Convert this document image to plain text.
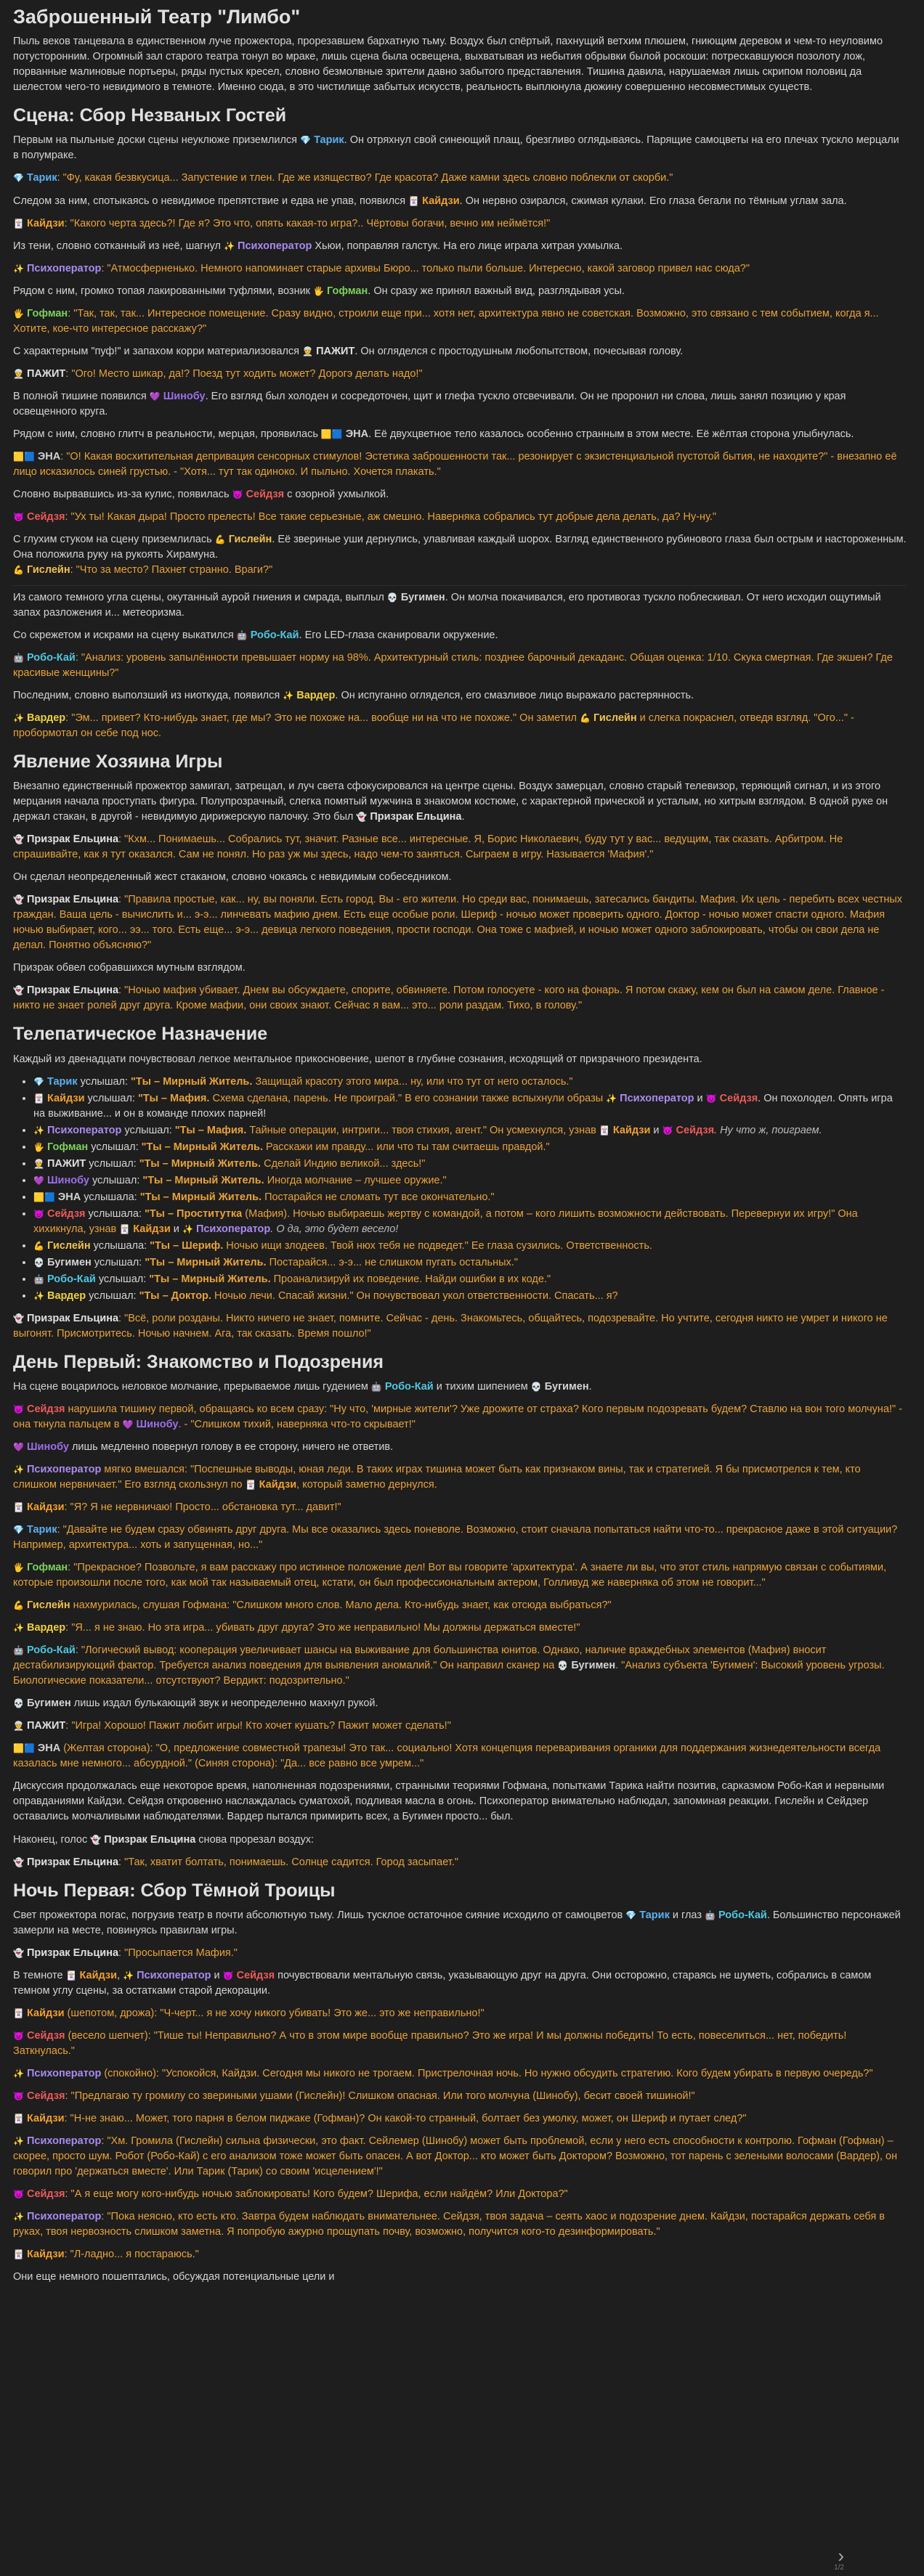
Заброшенный Театр "Лимбо"

Пыль веков танцевала в единственном луче прожектора, прорезавшем бархатную тьму. Воздух был спёртый, пахнущий ветхим плюшем, гниющим деревом и чем-то неуловимо потусторонним. Огромный зал старого театра тонул во мраке, лишь сцена была освещена, выхватывая из небытия обрывки былой роскоши: потрескавшуюся позолоту лож, порванные малиновые портьеры, ряды пустых кресел, словно безмолвные зрители давно забытого представления. Тишина давила, нарушаемая лишь скрипом половиц да шелестом чего-то невидимого в темноте. Именно сюда, в это чистилище забытых искусств, реальность выплюнула дюжину совершенно несовместимых существ.

Сцена: Сбор Незваных Гостей

Первым на пыльные доски сцены неуклюже приземлился 💎 Тарик. Он отряхнул свой синеющий плащ, брезгливо оглядываясь. Парящие самоцветы на его плечах тускло мерцали в полумраке.

💎 Тарик: "Фу, какая безвкусица... Запустение и тлен. Где же изящество? Где красота? Даже камни здесь словно поблекли от скорби."

Следом за ним, спотыкаясь о невидимое препятствие и едва не упав, появился 🃏 Кайдзи. Он нервно озирался, сжимая кулаки. Его глаза бегали по тёмным углам зала.

🃏 Кайдзи: "Какого черта здесь?! Где я? Это что, опять какая-то игра?.. Чёртовы богачи, вечно им неймётся!"

Из тени, словно сотканный из неё, шагнул ✨ Психоператор Хьюи, поправляя галстук. На его лице играла хитрая ухмылка.

✨ Психоператор: "Атмосферненько. Немного напоминает старые архивы Бюро... только пыли больше. Интересно, какой заговор привел нас сюда?"

Рядом с ним, громко топая лакированными туфлями, возник 🖐 Гофман. Он сразу же принял важный вид, разглядывая усы.

🖐 Гофман: "Так, так, так... Интересное помещение. Сразу видно, строили еще при... хотя нет, архитектура явно не советская. Возможно, это связано с тем событием, когда я... Хотите, кое-что интересное расскажу?"

С характерным "пуф!" и запахом корри материализовался 👳 ПАЖИТ. Он огляделся с простодушным любопытством, почесывая голову.

👳 ПАЖИТ: "Ого! Место шикар, да!? Поезд тут ходить может? Дорогэ делать надо!"

В полной тишине появился 💜 Шинобу. Его взгляд был холоден и сосредоточен, щит и глефа тускло отсвечивали. Он не проронил ни слова, лишь занял позицию у края освещенного круга.

Рядом с ним, словно глитч в реальности, мерцая, проявилась 🟨🟦 ЭНА. Её двухцветное тело казалось особенно странным в этом месте. Её жёлтая сторона улыбнулась.

🟨🟦 ЭНА: "О! Какая восхитительная депривация сенсорных стимулов! Эстетика заброшенности так... резонирует с экзистенциальной пустотой бытия, не находите?" - внезапно её лицо исказилось синей грустью. - "Хотя... тут так одиноко. И пыльно. Хочется плакать."

Словно вырвавшись из-за кулис, появилась 😈 Сейдзя с озорной ухмылкой.

😈 Сейдзя: "Ух ты! Какая дыра! Просто прелесть! Все такие серьезные, аж смешно. Наверняка собрались тут добрые дела делать, да? Ну-ну."

С глухим стуком на сцену приземлилась 💪 Гислейн. Её звериные уши дернулись, улавливая каждый шорох. Взгляд единственного рубинового глаза был острым и настороженным. Она положила руку на рукоять Хирамуна.
💪 Гислейн: "Что за место? Пахнет странно. Враги?"

Из самого темного угла сцены, окутанный аурой гниения и смрада, выплыл 💀 Бугимен. Он молча покачивался, его противогаз тускло поблескивал. От него исходил ощутимый запах разложения и... метеоризма.

Со скрежетом и искрами на сцену выкатился 🤖 Робо-Кай. Его LED-глаза сканировали окружение.

🤖 Робо-Кай: "Анализ: уровень запылённости превышает норму на 98%. Архитектурный стиль: позднее барочный декаданс. Общая оценка: 1/10. Скука смертная. Где экшен? Где красивые женщины?"

Последним, словно выползший из ниоткуда, появился ✨ Вардер. Он испуганно огляделся, его смазливое лицо выражало растерянность.

✨ Вардер: "Эм... привет? Кто-нибудь знает, где мы? Это не похоже на... вообще ни на что не похоже." Он заметил 💪 Гислейн и слегка покраснел, отведя взгляд. "Ого..." - пробормотал он себе под нос.

Явление Хозяина Игры

Внезапно единственный прожектор замигал, затрещал, и луч света сфокусировался на центре сцены. Воздух замерцал, словно старый телевизор, теряющий сигнал, и из этого мерцания начала проступать фигура. Полупрозрачный, слегка помятый мужчина в знакомом костюме, с характерной прической и усталым, но хитрым взглядом. В одной руке он держал стакан, в другой - невидимую дирижерскую палочку. Это был 👻 Призрак Ельцина.

👻 Призрак Ельцина: "Кхм... Понимаешь... Собрались тут, значит. Разные все... интересные. Я, Борис Николаевич, буду тут у вас... ведущим, так сказать. Арбитром. Не спрашивайте, как я тут оказался. Сам не понял. Но раз уж мы здесь, надо чем-то заняться. Сыграем в игру. Называется 'Мафия'."

Он сделал неопределенный жест стаканом, словно чокаясь с невидимым собеседником.

👻 Призрак Ельцина: "Правила простые, как... ну, вы поняли. Есть город. Вы - его жители. Но среди вас, понимаешь, затесались бандиты. Мафия. Их цель - перебить всех честных граждан. Ваша цель - вычислить и... э-э... линчевать мафию днем. Есть еще особые роли. Шериф - ночью может проверить одного. Доктор - ночью может спасти одного. Мафия ночью выбирает, кого... ээ... того. Есть еще... э-э... девица легкого поведения, прости господи. Она тоже с мафией, и ночью может одного заблокировать, чтобы он свои дела не делал. Понятно объясняю?"

Призрак обвел собравшихся мутным взглядом.

👻 Призрак Ельцина: "Ночью мафия убивает. Днем вы обсуждаете, спорите, обвиняете. Потом голосуете - кого на фонарь. Я потом скажу, кем он был на самом деле. Главное - никто не знает ролей друг друга. Кроме мафии, они своих знают. Сейчас я вам... это... роли раздам. Тихо, в голову."

Телепатическое Назначение

Каждый из двенадцати почувствовал легкое ментальное прикосновение, шепот в глубине сознания, исходящий от призрачного президента.

• 💎 Тарик услышал: "Ты – Мирный Житель. Защищай красоту этого мира... ну, или что тут от него осталось."
• 🃏 Кайдзи услышал: "Ты – Мафия. Схема сделана, парень. Не проиграй." В его сознании также вспыхнули образы ✨ Психоператор и 😈 Сейдзя. Он похолодел. Опять игра на выживание... и он в команде плохих парней!
• ✨ Психоператор услышал: "Ты – Мафия. Тайные операции, интриги... твоя стихия, агент." Он усмехнулся, узнав 🃏 Кайдзи и 😈 Сейдзя. Ну что ж, поиграем.
• 🖐 Гофман услышал: "Ты – Мирный Житель. Расскажи им правду... или что ты там считаешь правдой."
• 👳 ПАЖИТ услышал: "Ты – Мирный Житель. Сделай Индию великой... здесь!"
• 💜 Шинобу услышал: "Ты – Мирный Житель. Иногда молчание – лучшее оружие."
• 🟨🟦 ЭНА услышала: "Ты – Мирный Житель. Постарайся не сломать тут все окончательно."
• 😈 Сейдзя услышала: "Ты – Проститутка (Мафия). Ночью выбираешь жертву с командой, а потом – кого лишить возможности действовать. Перевернуи их игру!" Она хихикнула, узнав 🃏 Кайдзи и ✨ Психоператор. О да, это будет весело!
• 💪 Гислейн услышала: "Ты – Шериф. Ночью ищи злодеев. Твой нюх тебя не подведет." Ее глаза сузились. Ответственность.
• 💀 Бугимен услышал: "Ты – Мирный Житель. Постарайся... э-э... не слишком пугать остальных."
• 🤖 Робо-Кай услышал: "Ты – Мирный Житель. Проанализируй их поведение. Найди ошибки в их коде."
• ✨ Вардер услышал: "Ты – Доктор. Ночью лечи. Спасай жизни." Он почувствовал укол ответственности. Спасать... я?

👻 Призрак Ельцина: "Всё, роли розданы. Никто ничего не знает, помните. Сейчас - день. Знакомьтесь, общайтесь, подозревайте. Но учтите, сегодня никто не умрет и никого не выгонят. Присмотритесь. Ночью начнем. Ага, так сказать. Время пошло!"

День Первый: Знакомство и Подозрения

На сцене воцарилось неловкое молчание, прерываемое лишь гудением 🤖 Робо-Кай и тихим шипением 💀 Бугимен.

😈 Сейдзя нарушила тишину первой, обращаясь ко всем сразу: "Ну что, 'мирные жители'? Уже дрожите от страха? Кого первым подозревать будем? Ставлю на вон того молчуна!" - она ткнула пальцем в 💜 Шинобу. - "Слишком тихий, наверняка что-то скрывает!"

💜 Шинобу лишь медленно повернул голову в ее сторону, ничего не ответив.

✨ Психоператор мягко вмешался: "Поспешные выводы, юная леди. В таких играх тишина может быть как признаком вины, так и стратегией. Я бы присмотрелся к тем, кто слишком нервничает." Его взгляд скользнул по 🃏 Кайдзи, который заметно дернулся.

🃏 Кайдзи: "Я? Я не нервничаю! Просто... обстановка тут... давит!"

💎 Тарик: "Давайте не будем сразу обвинять друг друга. Мы все оказались здесь поневоле. Возможно, стоит сначала попытаться найти что-то... прекрасное даже в этой ситуации? Например, архитектура... хоть и запущенная, но..."

🖐 Гофман: "Прекрасное? Позвольте, я вам расскажу про истинное положение дел! Вот вы говорите 'архитектура'. А знаете ли вы, что этот стиль напрямую связан с событиями, которые произошли после того, как мой так называемый отец, кстати, он был профессиональным актером, Голливуд же наверняка об этом не говорит..."

💪 Гислейн нахмурилась, слушая Гофмана: "Слишком много слов. Мало дела. Кто-нибудь знает, как отсюда выбраться?"

✨ Вардер: "Я... я не знаю. Но эта игра... убивать друг друга? Это же неправильно! Мы должны держаться вместе!"

🤖 Робо-Кай: "Логический вывод: кооперация увеличивает шансы на выживание для большинства юнитов. Однако, наличие враждебных элементов (Мафия) вносит дестабилизирующий фактор. Требуется анализ поведения для выявления аномалий." Он направил сканер на 💀 Бугимен. "Анализ субъекта 'Бугимен': Высокий уровень угрозы. Биологические показатели... отсутствуют? Вердикт: подозрительно."

💀 Бугимен лишь издал булькающий звук и неопределенно махнул рукой.

👳 ПАЖИТ: "Игра! Хорошо! Пажит любит игры! Кто хочет кушать? Пажит может сделать!"

🟨🟦 ЭНА (Желтая сторона): "О, предложение совместной трапезы! Это так... социально! Хотя концепция переваривания органики для поддержания жизнедеятельности всегда казалась мне немного... абсурдной." (Синяя сторона): "Да... все равно все умрем..."

Дискуссия продолжалась еще некоторое время, наполненная подозрениями, странными теориями Гофмана, попытками Тарика найти позитив, сарказмом Робо-Кая и нервными оправданиями Кайдзи. Сейдзя откровенно наслаждалась суматохой, подливая масла в огонь. Психоператор внимательно наблюдал, запоминая реакции. Гислейн и Сейдзер оставались молчаливыми наблюдателями. Вардер пытался примирить всех, а Бугимен просто... был.

Наконец, голос 👻 Призрак Ельцина снова прорезал воздух:

👻 Призрак Ельцина: "Так, хватит болтать, понимаешь. Солнце садится. Город засыпает."

Ночь Первая: Сбор Тёмной Троицы

Свет прожектора погас, погрузив театр в почти абсолютную тьму. Лишь тусклое остаточное сияние исходило от самоцветов 💎 Тарик и глаз 🤖 Робо-Кай. Большинство персонажей замерли на месте, повинуясь правилам игры.

👻 Призрак Ельцина: "Просыпается Мафия."

В темноте 🃏 Кайдзи, ✨ Психоператор и 😈 Сейдзя почувствовали ментальную связь, указывающую друг на друга. Они осторожно, стараясь не шуметь, собрались в самом темном углу сцены, за остатками старой декорации.

🃏 Кайдзи (шепотом, дрожа): "Ч-черт... я не хочу никого убивать! Это же... это же неправильно!"

😈 Сейдзя (весело шепчет): "Тише ты! Неправильно? А что в этом мире вообще правильно? Это же игра! И мы должны победить! То есть, повеселиться... нет, победить! Заткнулась."

✨ Психоператор (спокойно): "Успокойся, Кайдзи. Сегодня мы никого не трогаем. Пристрелочная ночь. Но нужно обсудить стратегию. Кого будем убирать в первую очередь?"

😈 Сейдзя: "Предлагаю ту громилу со звериными ушами (Гислейн)! Слишком опасная. Или того молчуна (Шинобу), бесит своей тишиной!"

🃏 Кайдзи: "Н-не знаю... Может, того парня в белом пиджаке (Гофман)? Он какой-то странный, болтает без умолку, может, он Шериф и путает след?"

✨ Психоператор: "Хм. Громила (Гислейн) сильна физически, это факт. Сейлемер (Шинобу) может быть проблемой, если у него есть способности к контролю. Гофман (Гофман) – скорее, просто шум. Робот (Робо-Кай) с его анализом тоже может быть опасен. А вот Доктор... кто может быть Доктором? Возможно, тот парень с зелеными волосами (Вардер), он говорил про 'держаться вместе'. Или Тарик (Тарик) со своим 'исцелением'!"

😈 Сейдзя: "А я еще могу кого-нибудь ночью заблокировать! Кого будем? Шерифа, если найдём? Или Доктора?"

✨ Психоператор: "Пока неясно, кто есть кто. Завтра будем наблюдать внимательнее. Сейдзя, твоя задача – сеять хаос и подозрение днем. Кайдзи, постарайся держать себя в руках, твоя нервозность слишком заметна. Я попробую ажурно прощупать почву, возможно, получится кого-то дезинформировать."

🃏 Кайдзи: "Л-ладно... я постараюсь."

Они еще немного пошептались, обсуждая потенциальные цели и

›
1/2
